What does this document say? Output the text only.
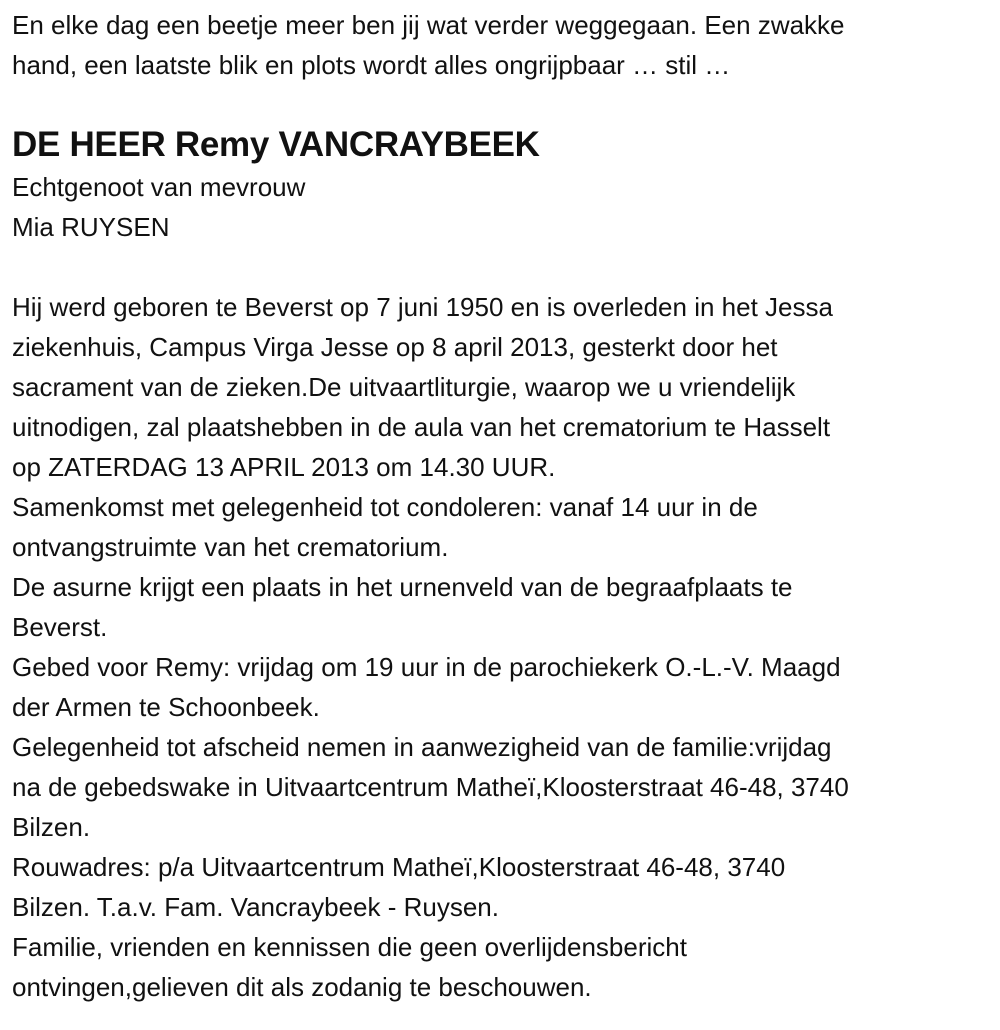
En elke dag een beetje meer ben jij wat verder weggegaan. Een zwakke
hand, een laatste blik en plots wordt alles ongrijpbaar … stil …
DE HEER Remy VANCRAYBEEK
Echtgenoot van mevrouw
Mia RUYSEN
Hij werd geboren te Beverst op 7 juni 1950 en is overleden in het Jessa
ziekenhuis, Campus Virga Jesse op 8 april 2013, gesterkt door het
sacrament van de zieken.De uitvaartliturgie, waarop we u vriendelijk
uitnodigen, zal plaatshebben in de aula van het crematorium te Hasselt
op ZATERDAG 13 APRIL 2013 om 14.30 UUR.
Samenkomst met gelegenheid tot condoleren: vanaf 14 uur in de
ontvangstruimte van het crematorium.
De asurne krijgt een plaats in het urnenveld van de begraafplaats te
Beverst.
Gebed voor Remy: vrijdag om 19 uur in de parochiekerk O.-L.-V. Maagd
der Armen te Schoonbeek.
Gelegenheid tot afscheid nemen in aanwezigheid van de familie:vrijdag
na de gebedswake in Uitvaartcentrum Matheï,Kloosterstraat 46-48, 3740
Bilzen.
Rouwadres: p/a Uitvaartcentrum Matheï,Kloosterstraat 46-48, 3740
Bilzen. T.a.v. Fam. Vancraybeek - Ruysen.
Familie, vrienden en kennissen die geen overlijdensbericht
ontvingen,gelieven dit als zodanig te beschouwen.
